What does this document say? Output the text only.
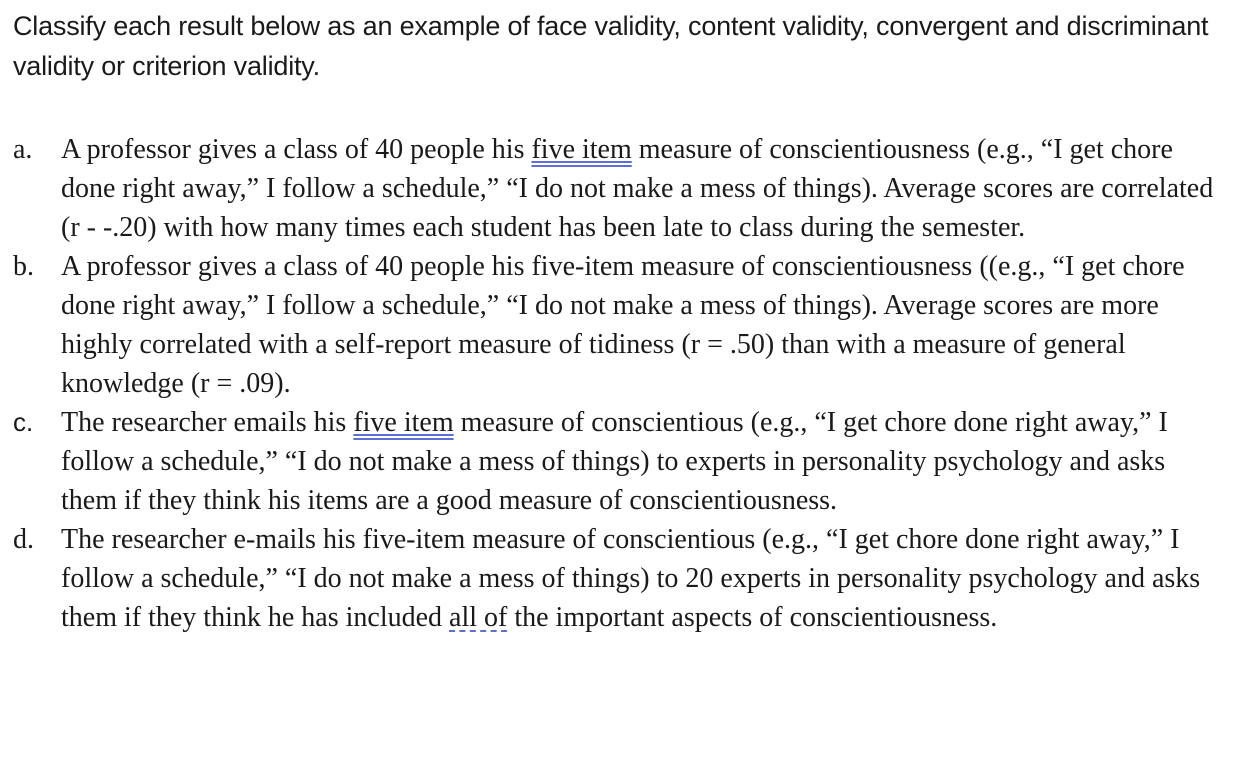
Classify each result below as an example of face validity, content validity, convergent and discriminant validity or criterion validity.

a. A professor gives a class of 40 people his five item measure of conscientiousness (e.g., “I get chore done right away,” I follow a schedule,” “I do not make a mess of things). Average scores are correlated (r - -.20) with how many times each student has been late to class during the semester.
b. A professor gives a class of 40 people his five-item measure of conscientiousness ((e.g., “I get chore done right away,” I follow a schedule,” “I do not make a mess of things). Average scores are more highly correlated with a self-report measure of tidiness (r = .50) than with a measure of general knowledge (r = .09).
c. The researcher emails his five item measure of conscientious (e.g., “I get chore done right away,” I follow a schedule,” “I do not make a mess of things) to experts in personality psychology and asks them if they think his items are a good measure of conscientiousness.
d. The researcher e-mails his five-item measure of conscientious (e.g., “I get chore done right away,” I follow a schedule,” “I do not make a mess of things) to 20 experts in personality psychology and asks them if they think he has included all of the important aspects of conscientiousness.
